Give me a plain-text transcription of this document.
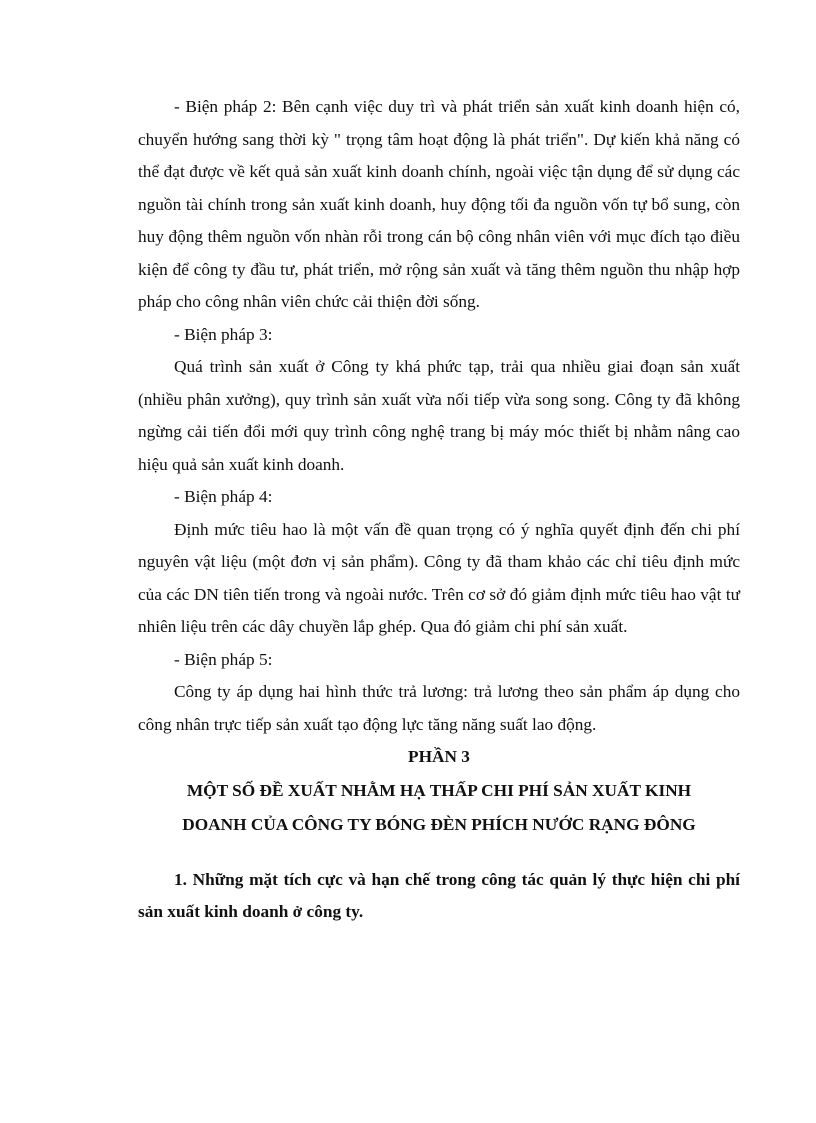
- Biện pháp 2: Bên cạnh việc duy trì và phát triển sản xuất kinh doanh hiện có, chuyển hướng sang thời kỳ " trọng tâm hoạt động là phát triển". Dự kiến khả năng có thể đạt được về kết quả sản xuất kinh doanh chính, ngoài việc tận dụng để sử dụng các nguồn tài chính trong sản xuất kinh doanh, huy động tối đa nguồn vốn tự bổ sung, còn huy động thêm nguồn vốn nhàn rỗi trong cán bộ công nhân viên với mục đích tạo điều kiện để công ty đầu tư, phát triển, mở rộng sản xuất và tăng thêm nguồn thu nhập hợp pháp cho công nhân viên chức cải thiện đời sống.

- Biện pháp 3:

Quá trình sản xuất ở Công ty khá phức tạp, trải qua nhiều giai đoạn sản xuất (nhiều phân xưởng), quy trình sản xuất vừa nối tiếp vừa song song. Công ty đã không ngừng cải tiến đổi mới quy trình công nghệ trang bị máy móc thiết bị nhằm nâng cao hiệu quả sản xuất kinh doanh.

- Biện pháp 4:

Định mức tiêu hao là một vấn đề quan trọng có ý nghĩa quyết định đến chi phí nguyên vật liệu (một đơn vị sản phẩm). Công ty đã tham khảo các chỉ tiêu định mức của các DN tiên tiến trong và ngoài nước. Trên cơ sở đó giảm định mức tiêu hao vật tư nhiên liệu trên các dây chuyền lắp ghép. Qua đó giảm chi phí sản xuất.

- Biện pháp 5:

Công ty áp dụng hai hình thức trả lương: trả lương theo sản phẩm áp dụng cho công nhân trực tiếp sản xuất tạo động lực tăng năng suất lao động.

PHẦN 3

MỘT SỐ ĐỀ XUẤT NHẰM HẠ THẤP CHI PHÍ SẢN XUẤT KINH

DOANH CỦA CÔNG TY BÓNG ĐÈN PHÍCH NƯỚC RẠNG ĐÔNG

1. Những mặt tích cực và hạn chế trong công tác quản lý thực hiện chi phí sản xuất kinh doanh ở công ty.
